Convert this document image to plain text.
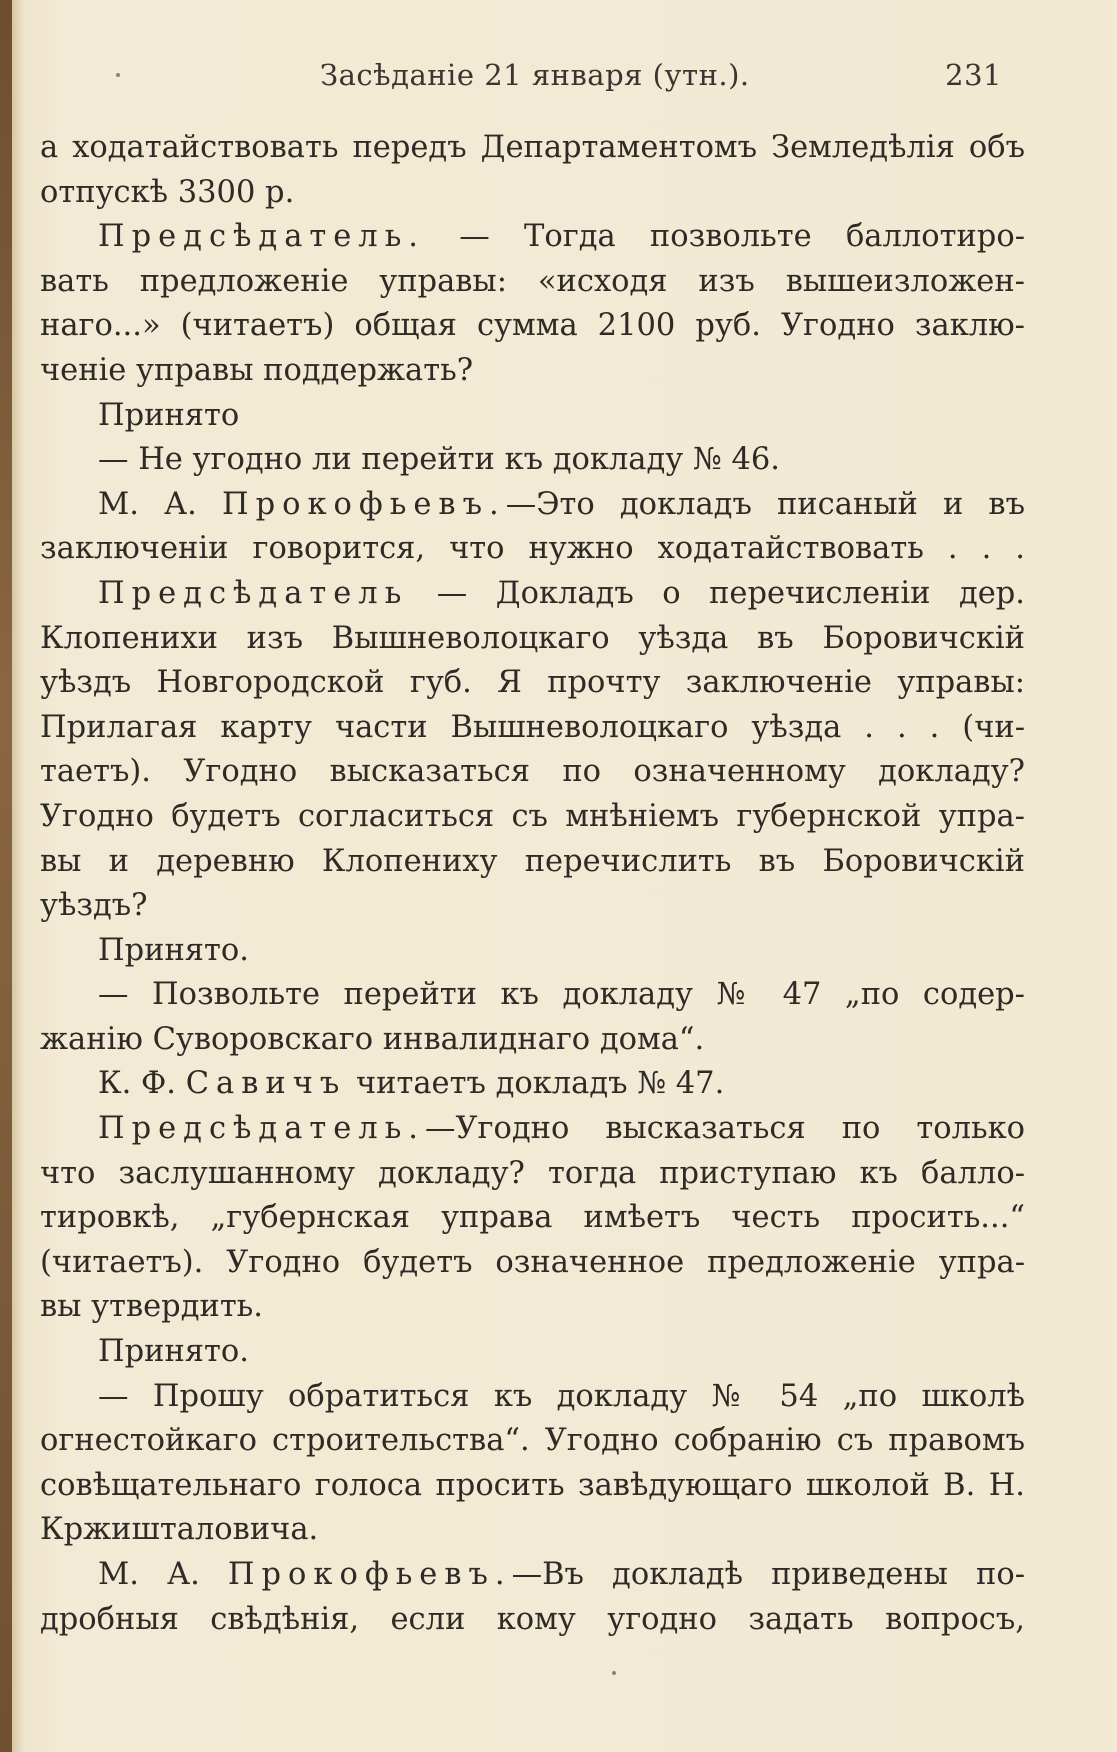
Засѣданіе 21 января (утн.).	231
а ходатайствовать передъ Департаментомъ Земледѣлія объ
отпускѣ 3300 р.
Предсѣдатель. — Тогда позвольте баллотиро-
вать предложеніе управы: «исходя изъ вышеизложен-
наго...» (читаетъ) общая сумма 2100 руб. Угодно заклю-
ченіе управы поддержать?
Принято
— Не угодно ли перейти къ докладу № 46.
М. А. Прокофьевъ.—Это докладъ писаный и въ
заключеніи говорится, что нужно ходатайствовать . . .
Предсѣдатель — Докладъ о перечисленіи дер.
Клопенихи изъ Вышневолоцкаго уѣзда въ Боровичскій
уѣздъ Новгородской губ. Я прочту заключеніе управы:
Прилагая карту части Вышневолоцкаго уѣзда . . . (чи-
таетъ). Угодно высказаться по означенному докладу?
Угодно будетъ согласиться съ мнѣніемъ губернской упра-
вы и деревню Клопениху перечислить въ Боровичскій
уѣздъ?
Принято.
— Позвольте перейти къ докладу № 47 „по содер-
жанію Суворовскаго инвалиднаго дома“.
К. Ф. Савичъ читаетъ докладъ № 47.
Предсѣдатель.—Угодно высказаться по только
что заслушанному докладу? тогда приступаю къ балло-
тировкѣ, „губернская управа имѣетъ честь просить...“
(читаетъ). Угодно будетъ означенное предложеніе упра-
вы утвердить.
Принято.
— Прошу обратиться къ докладу № 54 „по школѣ
огнестойкаго строительства“. Угодно собранію съ правомъ
совѣщательнаго голоса просить завѣдующаго школой В. Н.
Кржишталовича.
М. А. Прокофьевъ.—Въ докладѣ приведены по-
дробныя свѣдѣнія, если кому угодно задать вопросъ,
